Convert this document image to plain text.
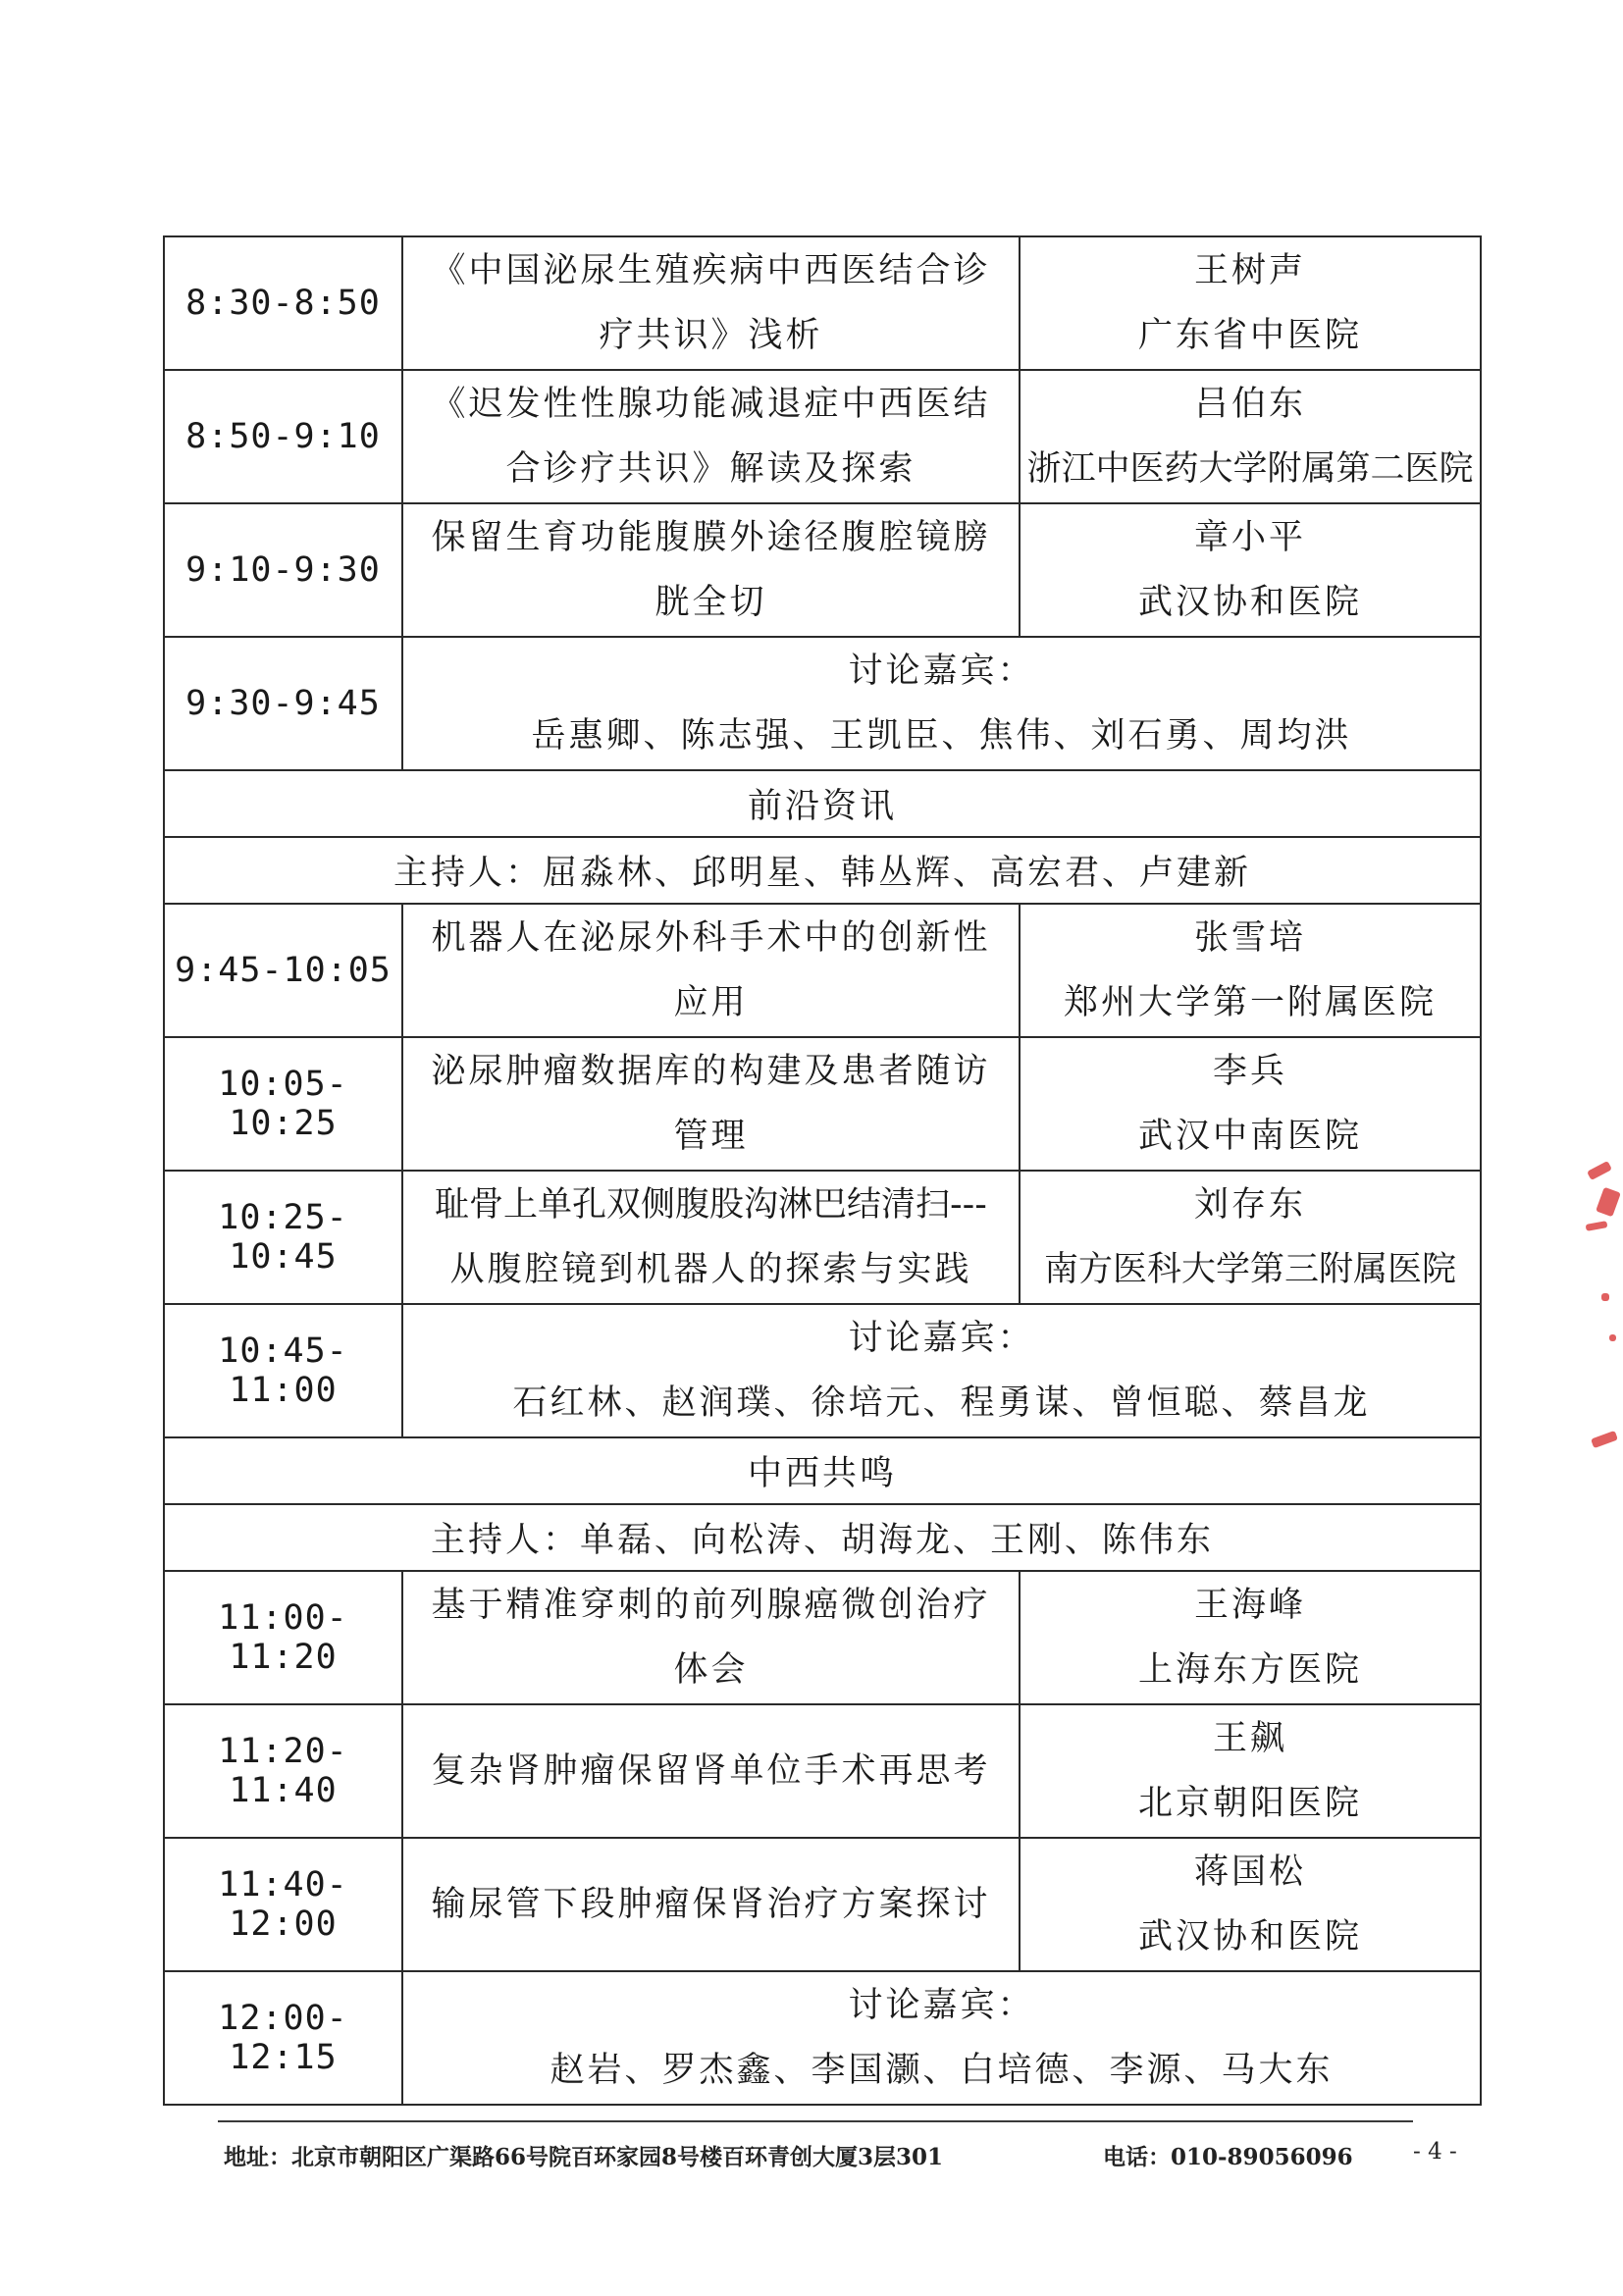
8:30-8:50	《中国泌尿生殖疾病中西医结合诊
疗共识》浅析	王树声
广东省中医院

8:50-9:10	《迟发性性腺功能减退症中西医结
合诊疗共识》解读及探索	吕伯东
浙江中医药大学附属第二医院

9:10-9:30	保留生育功能腹膜外途径腹腔镜膀
胱全切	章小平
武汉协和医院

9:30-9:45	讨论嘉宾：
岳惠卿、陈志强、王凯臣、焦伟、刘石勇、周均洪	

前沿资讯		
主持人：屈淼林、邱明星、韩丛辉、高宏君、卢建新		
9:45-10:05	机器人在泌尿外科手术中的创新性
应用	张雪培
郑州大学第一附属医院

10:05-10:25	泌尿肿瘤数据库的构建及患者随访
管理	李兵
武汉中南医院

10:25-10:45	耻骨上单孔双侧腹股沟淋巴结清扫---
从腹腔镜到机器人的探索与实践	刘存东
南方医科大学第三附属医院

10:45-11:00	讨论嘉宾：
石红林、赵润璞、徐培元、程勇谋、曾恒聪、蔡昌龙	

中西共鸣		
主持人：单磊、向松涛、胡海龙、王刚、陈伟东		
11:00-11:20	基于精准穿刺的前列腺癌微创治疗
体会	王海峰
上海东方医院

11:20-11:40	复杂肾肿瘤保留肾单位手术再思考	王飙
北京朝阳医院

11:40-12:00	输尿管下段肿瘤保肾治疗方案探讨	蒋国松
武汉协和医院

12:00-12:15	讨论嘉宾：
赵岩、罗杰鑫、李国灏、白培德、李源、马大东	
地址：北京市朝阳区广渠路66号院百环家园8号楼百环青创大厦3层301	电话：010-89056096	- 4 -
